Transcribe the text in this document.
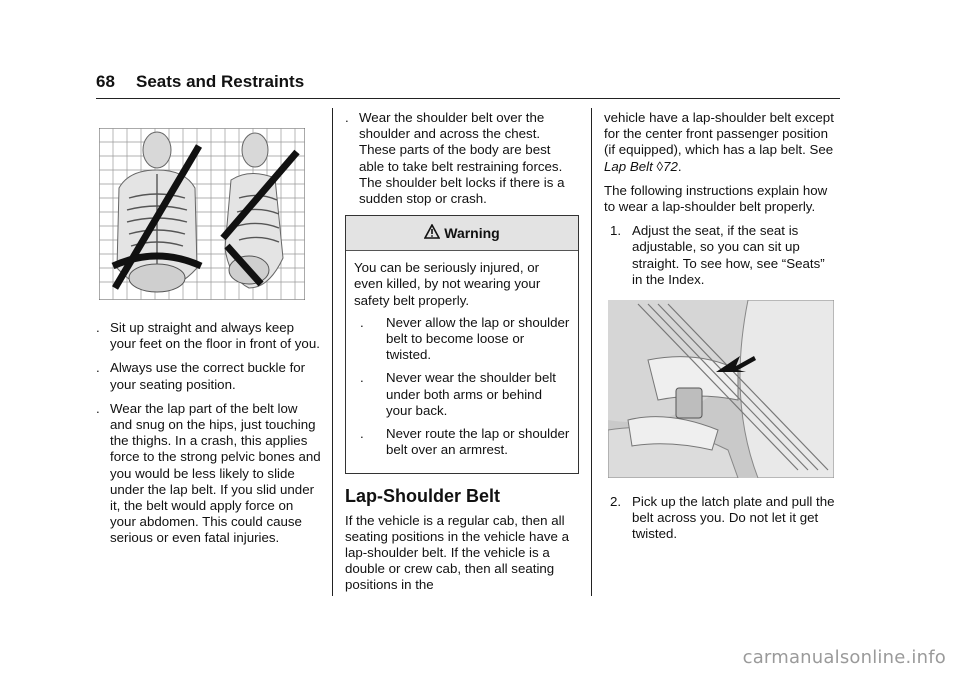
68 Seats and Restraints
. Sit up straight and always keep your feet on the floor in front of you.
. Always use the correct buckle for your seating position.
. Wear the lap part of the belt low and snug on the hips, just touching the thighs. In a crash, this applies force to the strong pelvic bones and you would be less likely to slide under the lap belt. If you slid under it, the belt would apply force on your abdomen. This could cause serious or even fatal injuries.
. Wear the shoulder belt over the shoulder and across the chest. These parts of the body are best able to take belt restraining forces. The shoulder belt locks if there is a sudden stop or crash.
Warning

You can be seriously injured, or even killed, by not wearing your safety belt properly.

. Never allow the lap or shoulder belt to become loose or twisted.
. Never wear the shoulder belt under both arms or behind your back.
. Never route the lap or shoulder belt over an armrest.
Lap-Shoulder Belt

If the vehicle is a regular cab, then all seating positions in the vehicle have a lap-shoulder belt. If the vehicle is a double or crew cab, then all seating positions in the

vehicle have a lap-shoulder belt except for the center front passenger position (if equipped), which has a lap belt. See Lap Belt ◊72.

The following instructions explain how to wear a lap-shoulder belt properly.

1. Adjust the seat, if the seat is adjustable, so you can sit up straight. To see how, see “Seats” in the Index.
2. Pick up the latch plate and pull the belt across you. Do not let it get twisted.
carmanualsonline.info
